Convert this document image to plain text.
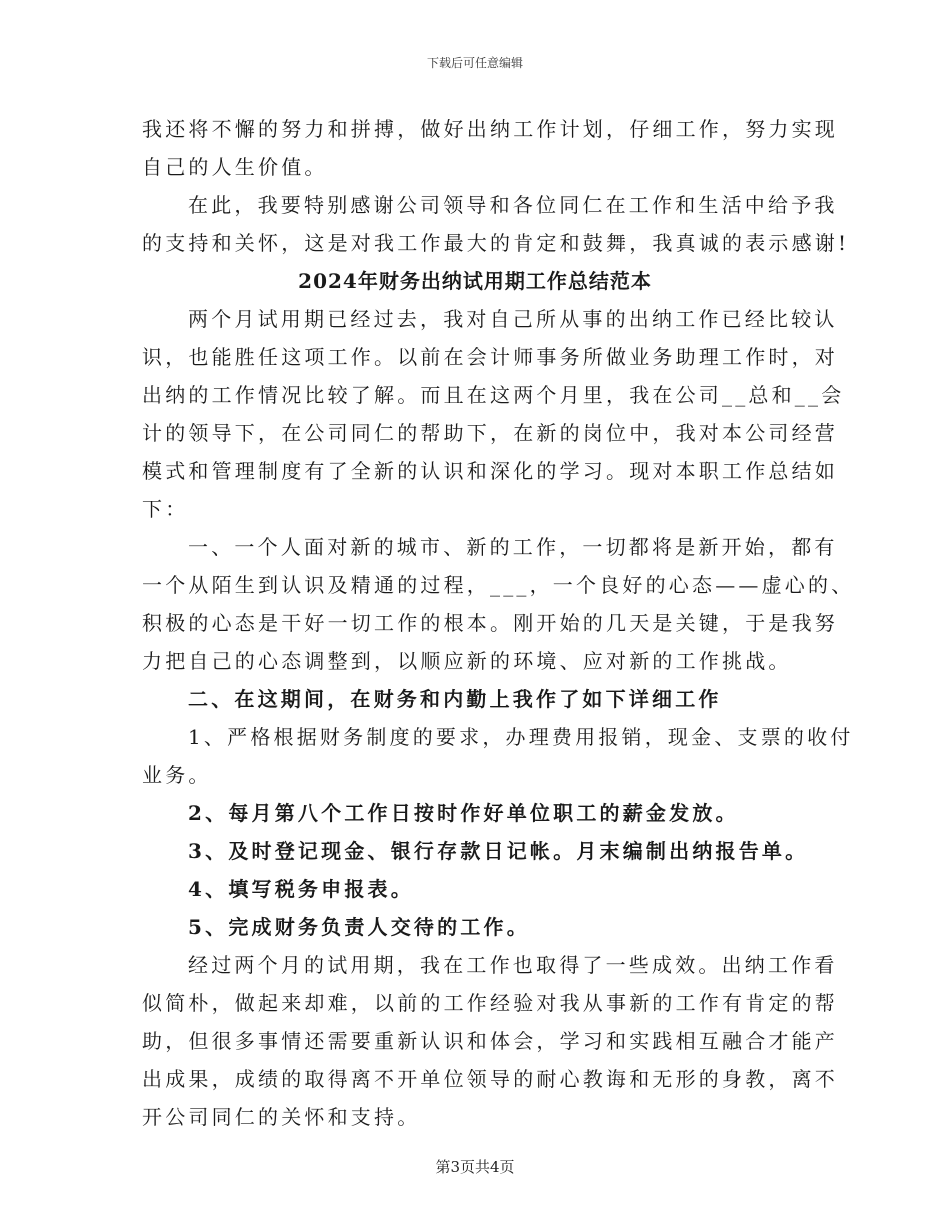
下载后可任意编辑
我还将不懈的努力和拼搏，做好出纳工作计划，仔细工作，努力实现
自己的人生价值。
在此，我要特别感谢公司领导和各位同仁在工作和生活中给予我
的支持和关怀，这是对我工作最大的肯定和鼓舞，我真诚的表示感谢!
2024年财务出纳试用期工作总结范本
两个月试用期已经过去，我对自己所从事的出纳工作已经比较认
识，也能胜任这项工作。以前在会计师事务所做业务助理工作时，对
出纳的工作情况比较了解。而且在这两个月里，我在公司__总和__会
计的领导下，在公司同仁的帮助下，在新的岗位中，我对本公司经营
模式和管理制度有了全新的认识和深化的学习。现对本职工作总结如
下：
一、一个人面对新的城市、新的工作，一切都将是新开始，都有
一个从陌生到认识及精通的过程，___，一个良好的心态——虚心的、
积极的心态是干好一切工作的根本。刚开始的几天是关键，于是我努
力把自己的心态调整到，以顺应新的环境、应对新的工作挑战。
二、在这期间，在财务和内勤上我作了如下详细工作
1、严格根据财务制度的要求，办理费用报销，现金、支票的收付
业务。
2、每月第八个工作日按时作好单位职工的薪金发放。
3、及时登记现金、银行存款日记帐。月末编制出纳报告单。
4、填写税务申报表。
5、完成财务负责人交待的工作。
经过两个月的试用期，我在工作也取得了一些成效。出纳工作看
似简朴，做起来却难，以前的工作经验对我从事新的工作有肯定的帮
助，但很多事情还需要重新认识和体会，学习和实践相互融合才能产
出成果，成绩的取得离不开单位领导的耐心教诲和无形的身教，离不
开公司同仁的关怀和支持。
第3页共4页
